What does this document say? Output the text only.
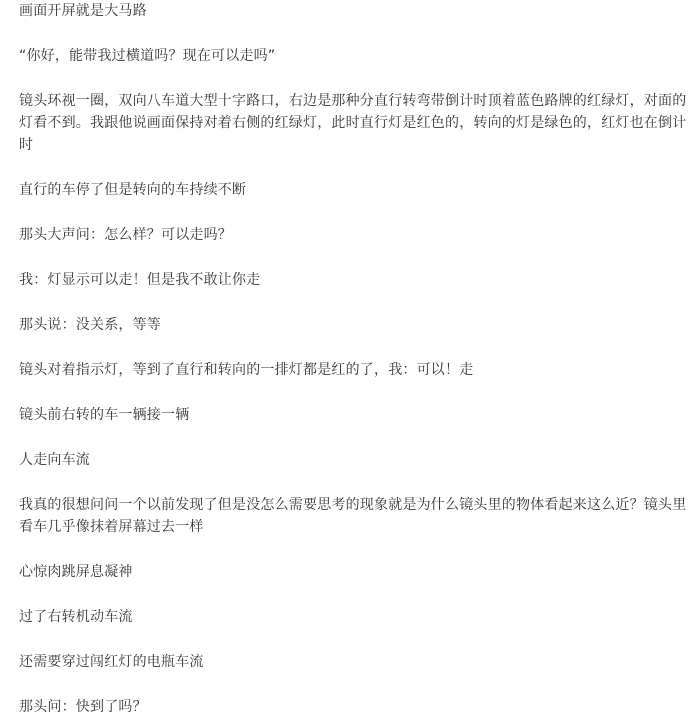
画面开屏就是大马路

“你好，能带我过横道吗？现在可以走吗”

镜头环视一圈，双向八车道大型十字路口，右边是那种分直行转弯带倒计时顶着蓝色路牌的红绿灯，对面的灯看不到。我跟他说画面保持对着右侧的红绿灯，此时直行灯是红色的，转向的灯是绿色的，红灯也在倒计时

直行的车停了但是转向的车持续不断

那头大声问：怎么样？可以走吗？

我：灯显示可以走！但是我不敢让你走

那头说：没关系，等等

镜头对着指示灯，等到了直行和转向的一排灯都是红的了，我：可以！走

镜头前右转的车一辆接一辆

人走向车流

我真的很想问问一个以前发现了但是没怎么需要思考的现象就是为什么镜头里的物体看起来这么近？镜头里看车几乎像抹着屏幕过去一样

心惊肉跳屏息凝神

过了右转机动车流

还需要穿过闯红灯的电瓶车流

那头问：快到了吗？
